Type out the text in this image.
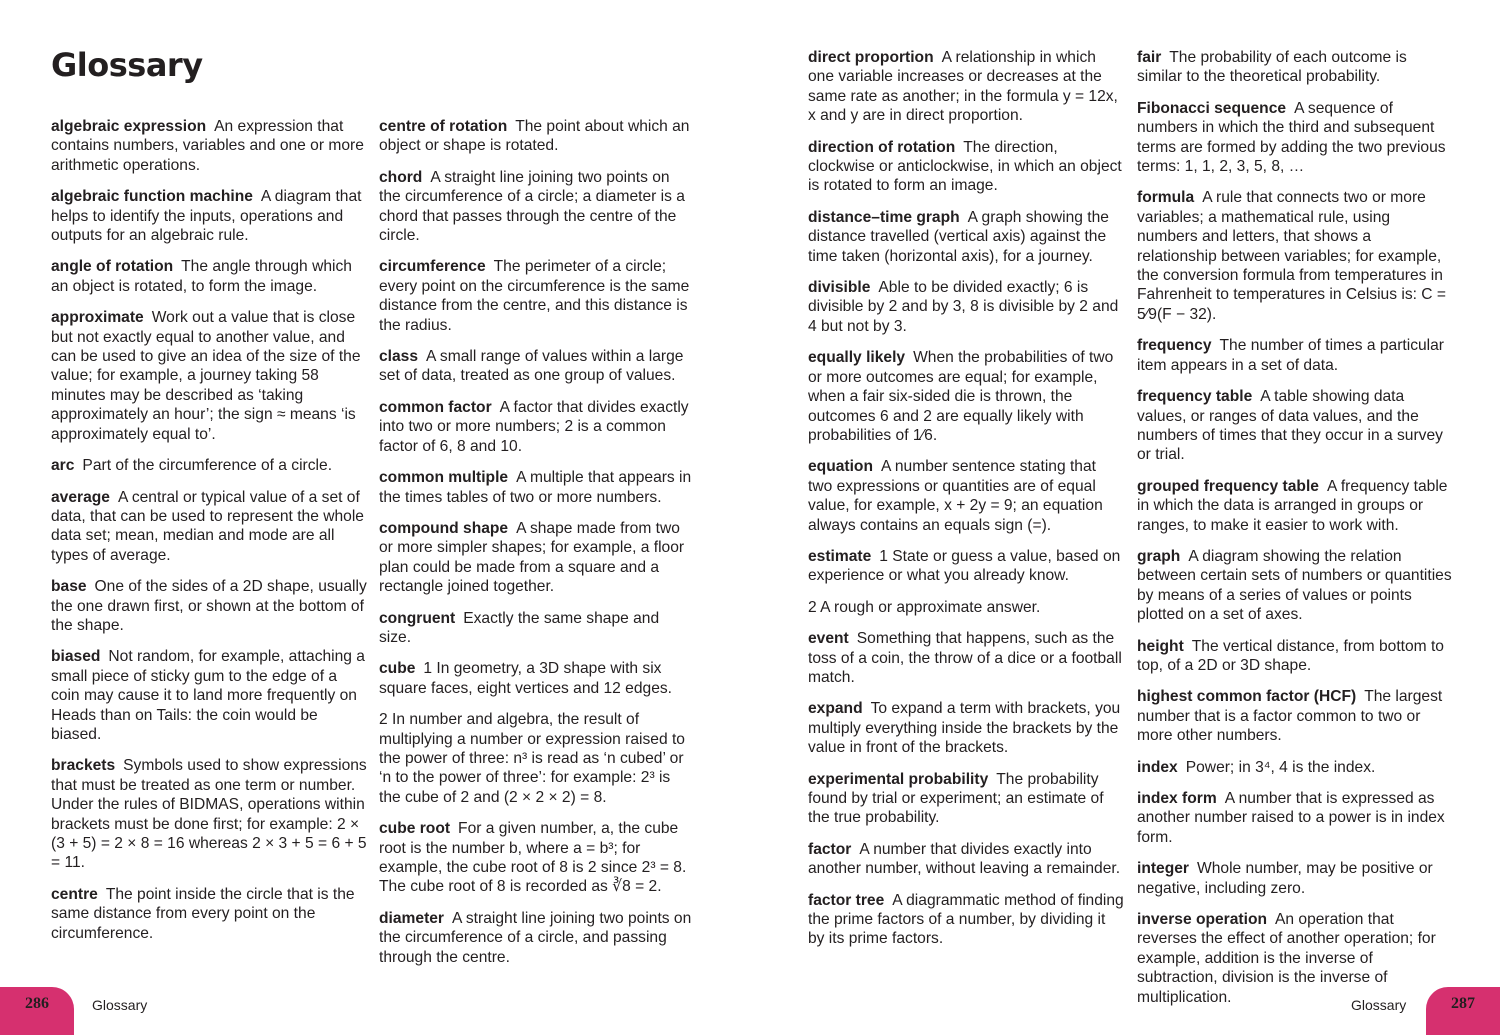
Glossary

algebraic expression An expression that contains numbers, variables and one or more arithmetic operations.

algebraic function machine A diagram that helps to identify the inputs, operations and outputs for an algebraic rule.

angle of rotation The angle through which an object is rotated, to form the image.

approximate Work out a value that is close but not exactly equal to another value, and can be used to give an idea of the size of the value; for example, a journey taking 58 minutes may be described as ‘taking approximately an hour’; the sign ≈ means ‘is approximately equal to’.

arc Part of the circumference of a circle.

average A central or typical value of a set of data, that can be used to represent the whole data set; mean, median and mode are all types of average.

base One of the sides of a 2D shape, usually the one drawn first, or shown at the bottom of the shape.

biased Not random, for example, attaching a small piece of sticky gum to the edge of a coin may cause it to land more frequently on Heads than on Tails: the coin would be biased.

brackets Symbols used to show expressions that must be treated as one term or number. Under the rules of BIDMAS, operations within brackets must be done first; for example: 2 × (3 + 5) = 2 × 8 = 16 whereas 2 × 3 + 5 = 6 + 5 = 11.

centre The point inside the circle that is the same distance from every point on the circumference.

centre of rotation The point about which an object or shape is rotated.

chord A straight line joining two points on the circumference of a circle; a diameter is a chord that passes through the centre of the circle.

circumference The perimeter of a circle; every point on the circumference is the same distance from the centre, and this distance is the radius.

class A small range of values within a large set of data, treated as one group of values.

common factor A factor that divides exactly into two or more numbers; 2 is a common factor of 6, 8 and 10.

common multiple A multiple that appears in the times tables of two or more numbers.

compound shape A shape made from two or more simpler shapes; for example, a floor plan could be made from a square and a rectangle joined together.

congruent Exactly the same shape and size.

cube 1 In geometry, a 3D shape with six square faces, eight vertices and 12 edges.

2 In number and algebra, the result of multiplying a number or expression raised to the power of three: n³ is read as ‘n cubed’ or ‘n to the power of three’: for example: 2³ is the cube of 2 and (2 × 2 × 2) = 8.

cube root For a given number, a, the cube root is the number b, where a = b³; for example, the cube root of 8 is 2 since 2³ = 8. The cube root of 8 is recorded as ∛8 = 2.

diameter A straight line joining two points on the circumference of a circle, and passing through the centre.

direct proportion A relationship in which one variable increases or decreases at the same rate as another; in the formula y = 12x, x and y are in direct proportion.

direction of rotation The direction, clockwise or anticlockwise, in which an object is rotated to form an image.

distance–time graph A graph showing the distance travelled (vertical axis) against the time taken (horizontal axis), for a journey.

divisible Able to be divided exactly; 6 is divisible by 2 and by 3, 8 is divisible by 2 and 4 but not by 3.

equally likely When the probabilities of two or more outcomes are equal; for example, when a fair six-sided die is thrown, the outcomes 6 and 2 are equally likely with probabilities of 1⁄6.

equation A number sentence stating that two expressions or quantities are of equal value, for example, x + 2y = 9; an equation always contains an equals sign (=).

estimate 1 State or guess a value, based on experience or what you already know.

2 A rough or approximate answer.

event Something that happens, such as the toss of a coin, the throw of a dice or a football match.

expand To expand a term with brackets, you multiply everything inside the brackets by the value in front of the brackets.

experimental probability The probability found by trial or experiment; an estimate of the true probability.

factor A number that divides exactly into another number, without leaving a remainder.

factor tree A diagrammatic method of finding the prime factors of a number, by dividing it by its prime factors.

fair The probability of each outcome is similar to the theoretical probability.

Fibonacci sequence A sequence of numbers in which the third and subsequent terms are formed by adding the two previous terms: 1, 1, 2, 3, 5, 8, …

formula A rule that connects two or more variables; a mathematical rule, using numbers and letters, that shows a relationship between variables; for example, the conversion formula from temperatures in Fahrenheit to temperatures in Celsius is: C = 5⁄9(F − 32).

frequency The number of times a particular item appears in a set of data.

frequency table A table showing data values, or ranges of data values, and the numbers of times that they occur in a survey or trial.

grouped frequency table A frequency table in which the data is arranged in groups or ranges, to make it easier to work with.

graph A diagram showing the relation between certain sets of numbers or quantities by means of a series of values or points plotted on a set of axes.

height The vertical distance, from bottom to top, of a 2D or 3D shape.

highest common factor (HCF) The largest number that is a factor common to two or more other numbers.

index Power; in 3⁴, 4 is the index.

index form A number that is expressed as another number raised to a power is in index form.

integer Whole number, may be positive or negative, including zero.

inverse operation An operation that reverses the effect of another operation; for example, addition is the inverse of subtraction, division is the inverse of multiplication.

286	Glossary	Glossary	287
